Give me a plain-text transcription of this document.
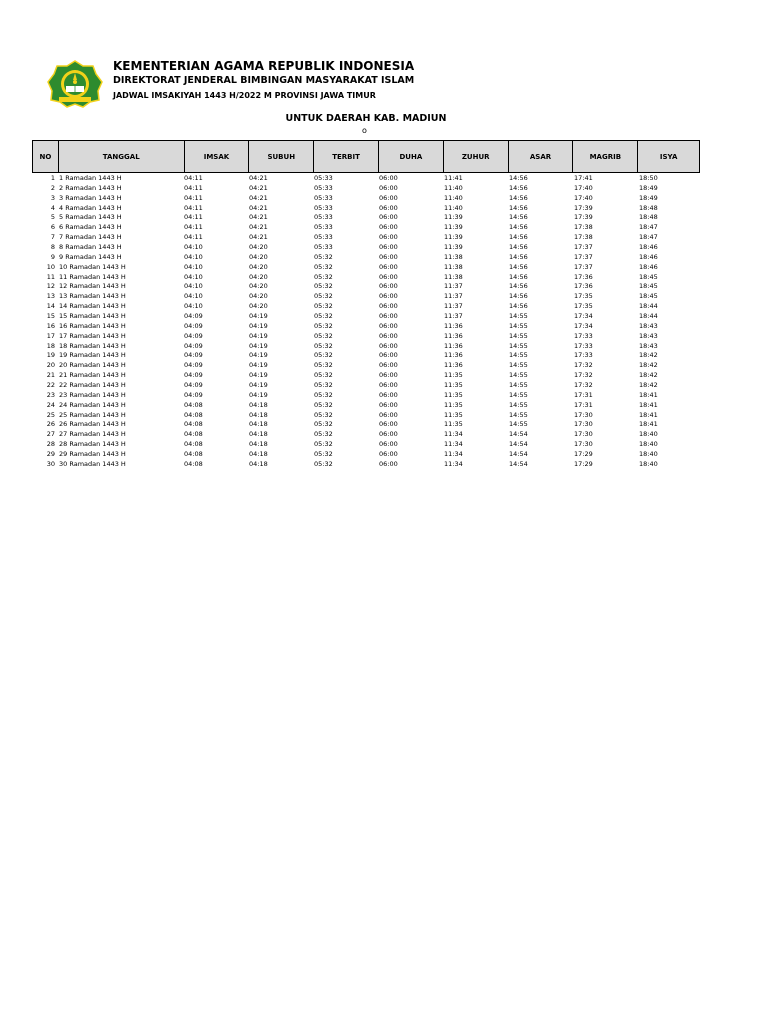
KEMENTERIAN AGAMA REPUBLIK INDONESIA
DIREKTORAT JENDERAL BIMBINGAN MASYARAKAT ISLAM
JADWAL IMSAKIYAH 1443 H/2022 M PROVINSI JAWA TIMUR
UNTUK DAERAH KAB. MADIUN
o
NO	TANGGAL	IMSAK	SUBUH	TERBIT	DUHA	ZUHUR	ASAR	MAGRIB	ISYA
1 1 Ramadan 1443 H	04:11	04:21	05:33	06:00	11:41	14:56	17:41	18:50
2 2 Ramadan 1443 H	04:11	04:21	05:33	06:00	11:40	14:56	17:40	18:49
3 3 Ramadan 1443 H	04:11	04:21	05:33	06:00	11:40	14:56	17:40	18:49
4 4 Ramadan 1443 H	04:11	04:21	05:33	06:00	11:40	14:56	17:39	18:48
5 5 Ramadan 1443 H	04:11	04:21	05:33	06:00	11:39	14:56	17:39	18:48
6 6 Ramadan 1443 H	04:11	04:21	05:33	06:00	11:39	14:56	17:38	18:47
7 7 Ramadan 1443 H	04:11	04:21	05:33	06:00	11:39	14:56	17:38	18:47
8 8 Ramadan 1443 H	04:10	04:20	05:33	06:00	11:39	14:56	17:37	18:46
9 9 Ramadan 1443 H	04:10	04:20	05:32	06:00	11:38	14:56	17:37	18:46
10 10 Ramadan 1443 H	04:10	04:20	05:32	06:00	11:38	14:56	17:37	18:46
11 11 Ramadan 1443 H	04:10	04:20	05:32	06:00	11:38	14:56	17:36	18:45
12 12 Ramadan 1443 H	04:10	04:20	05:32	06:00	11:37	14:56	17:36	18:45
13 13 Ramadan 1443 H	04:10	04:20	05:32	06:00	11:37	14:56	17:35	18:45
14 14 Ramadan 1443 H	04:10	04:20	05:32	06:00	11:37	14:56	17:35	18:44
15 15 Ramadan 1443 H	04:09	04:19	05:32	06:00	11:37	14:55	17:34	18:44
16 16 Ramadan 1443 H	04:09	04:19	05:32	06:00	11:36	14:55	17:34	18:43
17 17 Ramadan 1443 H	04:09	04:19	05:32	06:00	11:36	14:55	17:33	18:43
18 18 Ramadan 1443 H	04:09	04:19	05:32	06:00	11:36	14:55	17:33	18:43
19 19 Ramadan 1443 H	04:09	04:19	05:32	06:00	11:36	14:55	17:33	18:42
20 20 Ramadan 1443 H	04:09	04:19	05:32	06:00	11:36	14:55	17:32	18:42
21 21 Ramadan 1443 H	04:09	04:19	05:32	06:00	11:35	14:55	17:32	18:42
22 22 Ramadan 1443 H	04:09	04:19	05:32	06:00	11:35	14:55	17:32	18:42
23 23 Ramadan 1443 H	04:09	04:19	05:32	06:00	11:35	14:55	17:31	18:41
24 24 Ramadan 1443 H	04:08	04:18	05:32	06:00	11:35	14:55	17:31	18:41
25 25 Ramadan 1443 H	04:08	04:18	05:32	06:00	11:35	14:55	17:30	18:41
26 26 Ramadan 1443 H	04:08	04:18	05:32	06:00	11:35	14:55	17:30	18:41
27 27 Ramadan 1443 H	04:08	04:18	05:32	06:00	11:34	14:54	17:30	18:40
28 28 Ramadan 1443 H	04:08	04:18	05:32	06:00	11:34	14:54	17:30	18:40
29 29 Ramadan 1443 H	04:08	04:18	05:32	06:00	11:34	14:54	17:29	18:40
30 30 Ramadan 1443 H	04:08	04:18	05:32	06:00	11:34	14:54	17:29	18:40
